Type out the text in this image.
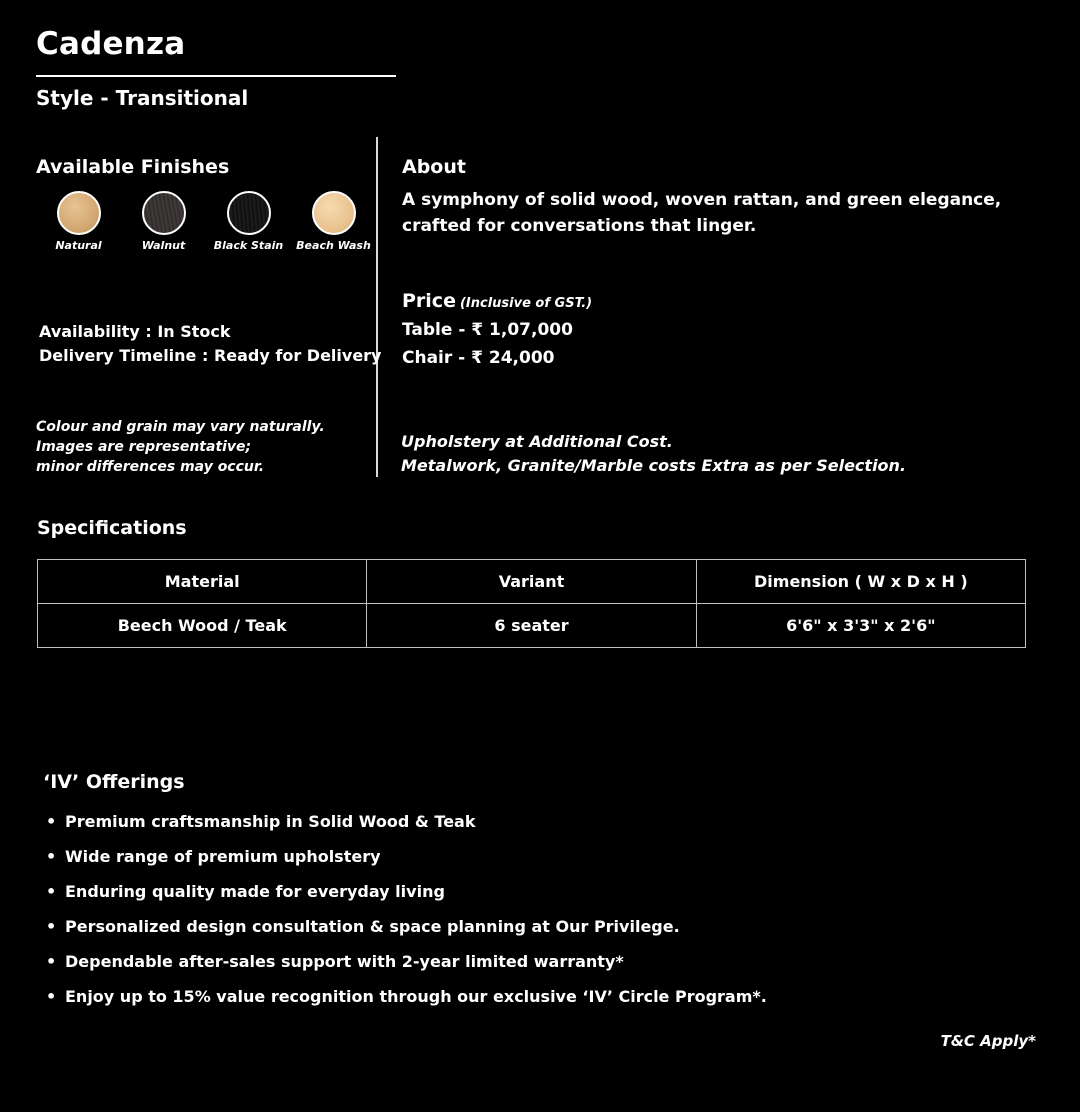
Cadenza
Style - Transitional
Available Finishes
Natural	Walnut	Black Stain	Beach Wash
Availability : In Stock
Delivery Timeline : Ready for Delivery
Colour and grain may vary naturally.
Images are representative;
minor differences may occur.
About
A symphony of solid wood, woven rattan, and green elegance, crafted for conversations that linger.
Price (Inclusive of GST.)
Table - ₹ 1,07,000
Chair - ₹ 24,000
Upholstery at Additional Cost.
Metalwork, Granite/Marble costs Extra as per Selection.
Specifications
Material	Variant	Dimension ( W x D x H )
Beech Wood / Teak	6 seater	6'6" x 3'3" x 2'6"
‘IV’ Offerings
• Premium craftsmanship in Solid Wood & Teak
• Wide range of premium upholstery
• Enduring quality made for everyday living
• Personalized design consultation & space planning at Our Privilege.
• Dependable after-sales support with 2-year limited warranty*
• Enjoy up to 15% value recognition through our exclusive ‘IV’ Circle Program*.
T&C Apply*
